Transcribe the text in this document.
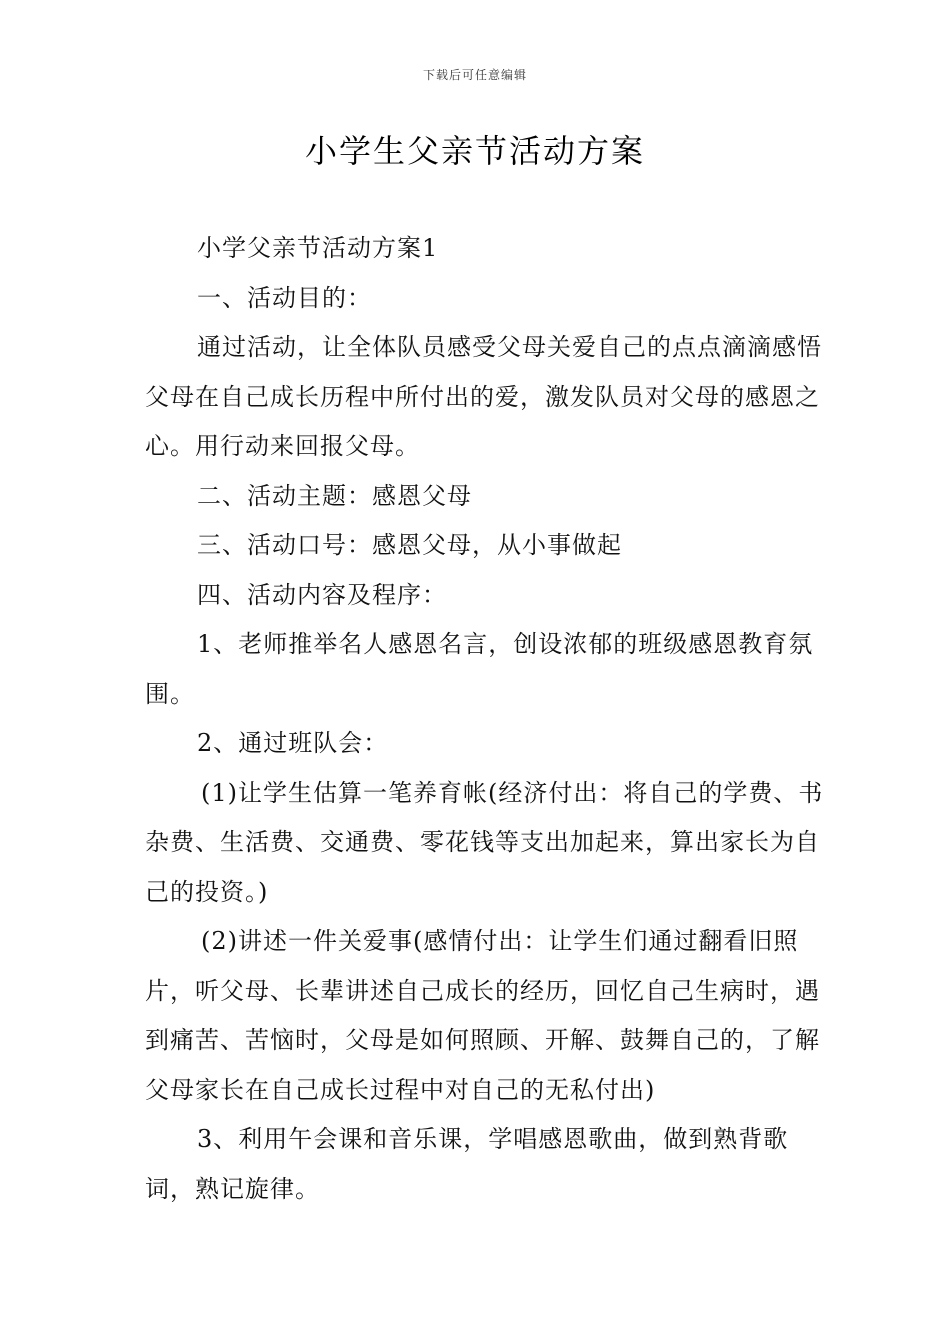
下载后可任意编辑
小学生父亲节活动方案

小学父亲节活动方案1

一、活动目的：

通过活动，让全体队员感受父母关爱自己的点点滴滴感悟父母在自己成长历程中所付出的爱，激发队员对父母的感恩之心。用行动来回报父母。

二、活动主题：感恩父母

三、活动口号：感恩父母，从小事做起

四、活动内容及程序：

1、老师推举名人感恩名言，创设浓郁的班级感恩教育氛围。

2、通过班队会：

(1)让学生估算一笔养育帐(经济付出：将自己的学费、书杂费、生活费、交通费、零花钱等支出加起来，算出家长为自己的投资。)

(2)讲述一件关爱事(感情付出：让学生们通过翻看旧照片，听父母、长辈讲述自己成长的经历，回忆自己生病时，遇到痛苦、苦恼时，父母是如何照顾、开解、鼓舞自己的，了解父母家长在自己成长过程中对自己的无私付出)

3、利用午会课和音乐课，学唱感恩歌曲，做到熟背歌词，熟记旋律。
